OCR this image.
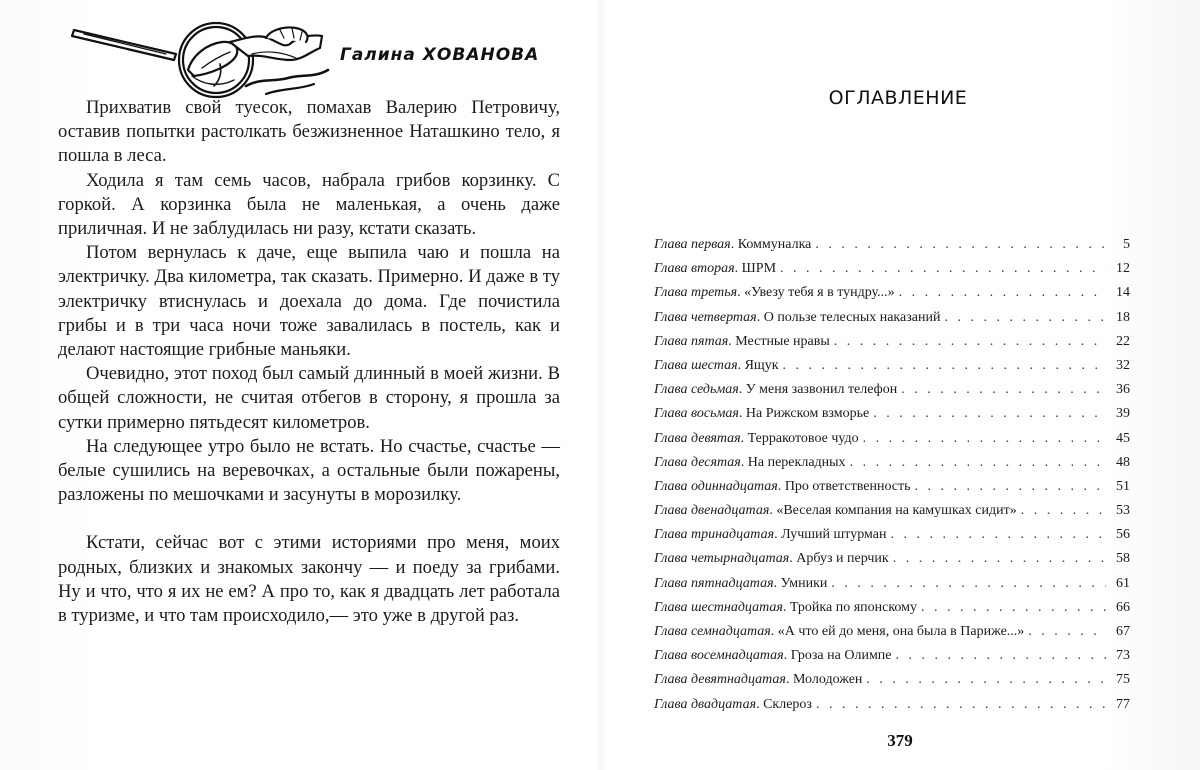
Галина ХОВАНОВА

Прихватив свой туесок, помахав Валерию Петровичу, оставив попытки растолкать безжизненное Наташкино тело, я пошла в леса.

Ходила я там семь часов, набрала грибов корзинку. С горкой. А корзинка была не маленькая, а очень даже приличная. И не заблудилась ни разу, кстати сказать.

Потом вернулась к даче, еще выпила чаю и пошла на электричку. Два километра, так сказать. Примерно. И даже в ту электричку втиснулась и доехала до дома. Где почистила грибы и в три часа ночи тоже завалилась в постель, как и делают настоящие грибные маньяки.

Очевидно, этот поход был самый длинный в моей жизни. В общей сложности, не считая отбегов в сторону, я прошла за сутки примерно пятьдесят километров.

На следующее утро было не встать. Но счастье, счастье — белые сушились на веревочках, а остальные были пожарены, разложены по мешочками и засунуты в морозилку.

Кстати, сейчас вот с этими историями про меня, моих родных, близких и знакомых закончу — и поеду за грибами. Ну и что, что я их не ем? А про то, как я двадцать лет работала в туризме, и что там происходило,— это уже в другой раз.

ОГЛАВЛЕНИЕ
Глава первая. Коммуналка . . .	5
Глава вторая. ШРМ . . .	12
Глава третья. «Увезу тебя я в тундру...» . . .	14
Глава четвертая. О пользе телесных наказаний . . .	18
Глава пятая. Местные нравы . . .	22
Глава шестая. Ящук . . .	32
Глава седьмая. У меня зазвонил телефон . . .	36
Глава восьмая. На Рижском взморье . . .	39
Глава девятая. Терракотовое чудо . . .	45
Глава десятая. На перекладных . . .	48
Глава одиннадцатая. Про ответственность . . .	51
Глава двенадцатая. «Веселая компания на камушках сидит» . . .	53
Глава тринадцатая. Лучший штурман . . .	56
Глава четырнадцатая. Арбуз и перчик . . .	58
Глава пятнадцатая. Умники . . .	61
Глава шестнадцатая. Тройка по японскому . . .	66
Глава семнадцатая. «А что ей до меня, она была в Париже...» . . .	67
Глава восемнадцатая. Гроза на Олимпе . . .	73
Глава девятнадцатая. Молодожен . . .	75
Глава двадцатая. Склероз . . .	77
379
